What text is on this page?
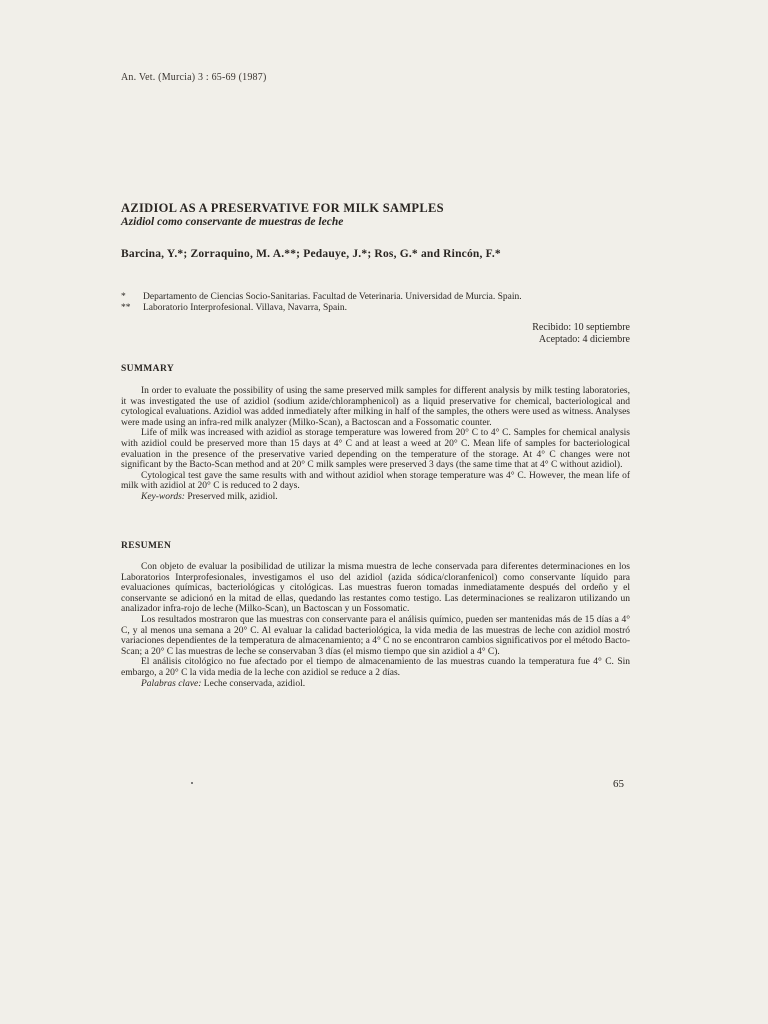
An. Vet. (Murcia) 3 : 65-69 (1987)
AZIDIOL AS A PRESERVATIVE FOR MILK SAMPLES
Azidiol como conservante de muestras de leche
Barcina, Y.*; Zorraquino, M. A.**; Pedauye, J.*; Ros, G.* and Rincón, F.*
* Departamento de Ciencias Socio-Sanitarias. Facultad de Veterinaria. Universidad de Murcia. Spain.
** Laboratorio Interprofesional. Villava, Navarra, Spain.
Recibido: 10 septiembre
Aceptado: 4 diciembre
SUMMARY

In order to evaluate the possibility of using the same preserved milk samples for different analysis by milk testing laboratories, it was investigated the use of azidiol (sodium azide/chloramphenicol) as a liquid preservative for chemical, bacteriological and cytological evaluations. Azidiol was added inmediately after milking in half of the samples, the others were used as witness. Analyses were made using an infra-red milk analyzer (Milko-Scan), a Bactoscan and a Fossomatic counter.

Life of milk was increased with azidiol as storage temperature was lowered from 20° C to 4° C. Samples for chemical analysis with azidiol could be preserved more than 15 days at 4° C and at least a weed at 20° C. Mean life of samples for bacteriological evaluation in the presence of the preservative varied depending on the temperature of the storage. At 4° C changes were not significant by the Bacto-Scan method and at 20° C milk samples were preserved 3 days (the same time that at 4° C without azidiol).

Cytological test gave the same results with and without azidiol when storage temperature was 4° C. However, the mean life of milk with azidiol at 20° C is reduced to 2 days.

Key-words: Preserved milk, azidiol.

RESUMEN

Con objeto de evaluar la posibilidad de utilizar la misma muestra de leche conservada para diferentes determinaciones en los Laboratorios Interprofesionales, investigamos el uso del azidiol (azida sódica/cloranfenicol) como conservante líquido para evaluaciones químicas, bacteriológicas y citológicas. Las muestras fueron tomadas inmediatamente después del ordeño y el conservante se adicionó en la mitad de ellas, quedando las restantes como testigo. Las determinaciones se realizaron utilizando un analizador infra-rojo de leche (Milko-Scan), un Bactoscan y un Fossomatic.

Los resultados mostraron que las muestras con conservante para el análisis químico, pueden ser mantenidas más de 15 días a 4° C, y al menos una semana a 20° C. Al evaluar la calidad bacteriológica, la vida media de las muestras de leche con azidiol mostró variaciones dependientes de la temperatura de almacenamiento; a 4° C no se encontraron cambios significativos por el método Bacto-Scan; a 20° C las muestras de leche se conservaban 3 días (el mismo tiempo que sin azidiol a 4° C).

El análisis citológico no fue afectado por el tiempo de almacenamiento de las muestras cuando la temperatura fue 4° C. Sin embargo, a 20° C la vida media de la leche con azidiol se reduce a 2 días.

Palabras clave: Leche conservada, azidiol.

65
